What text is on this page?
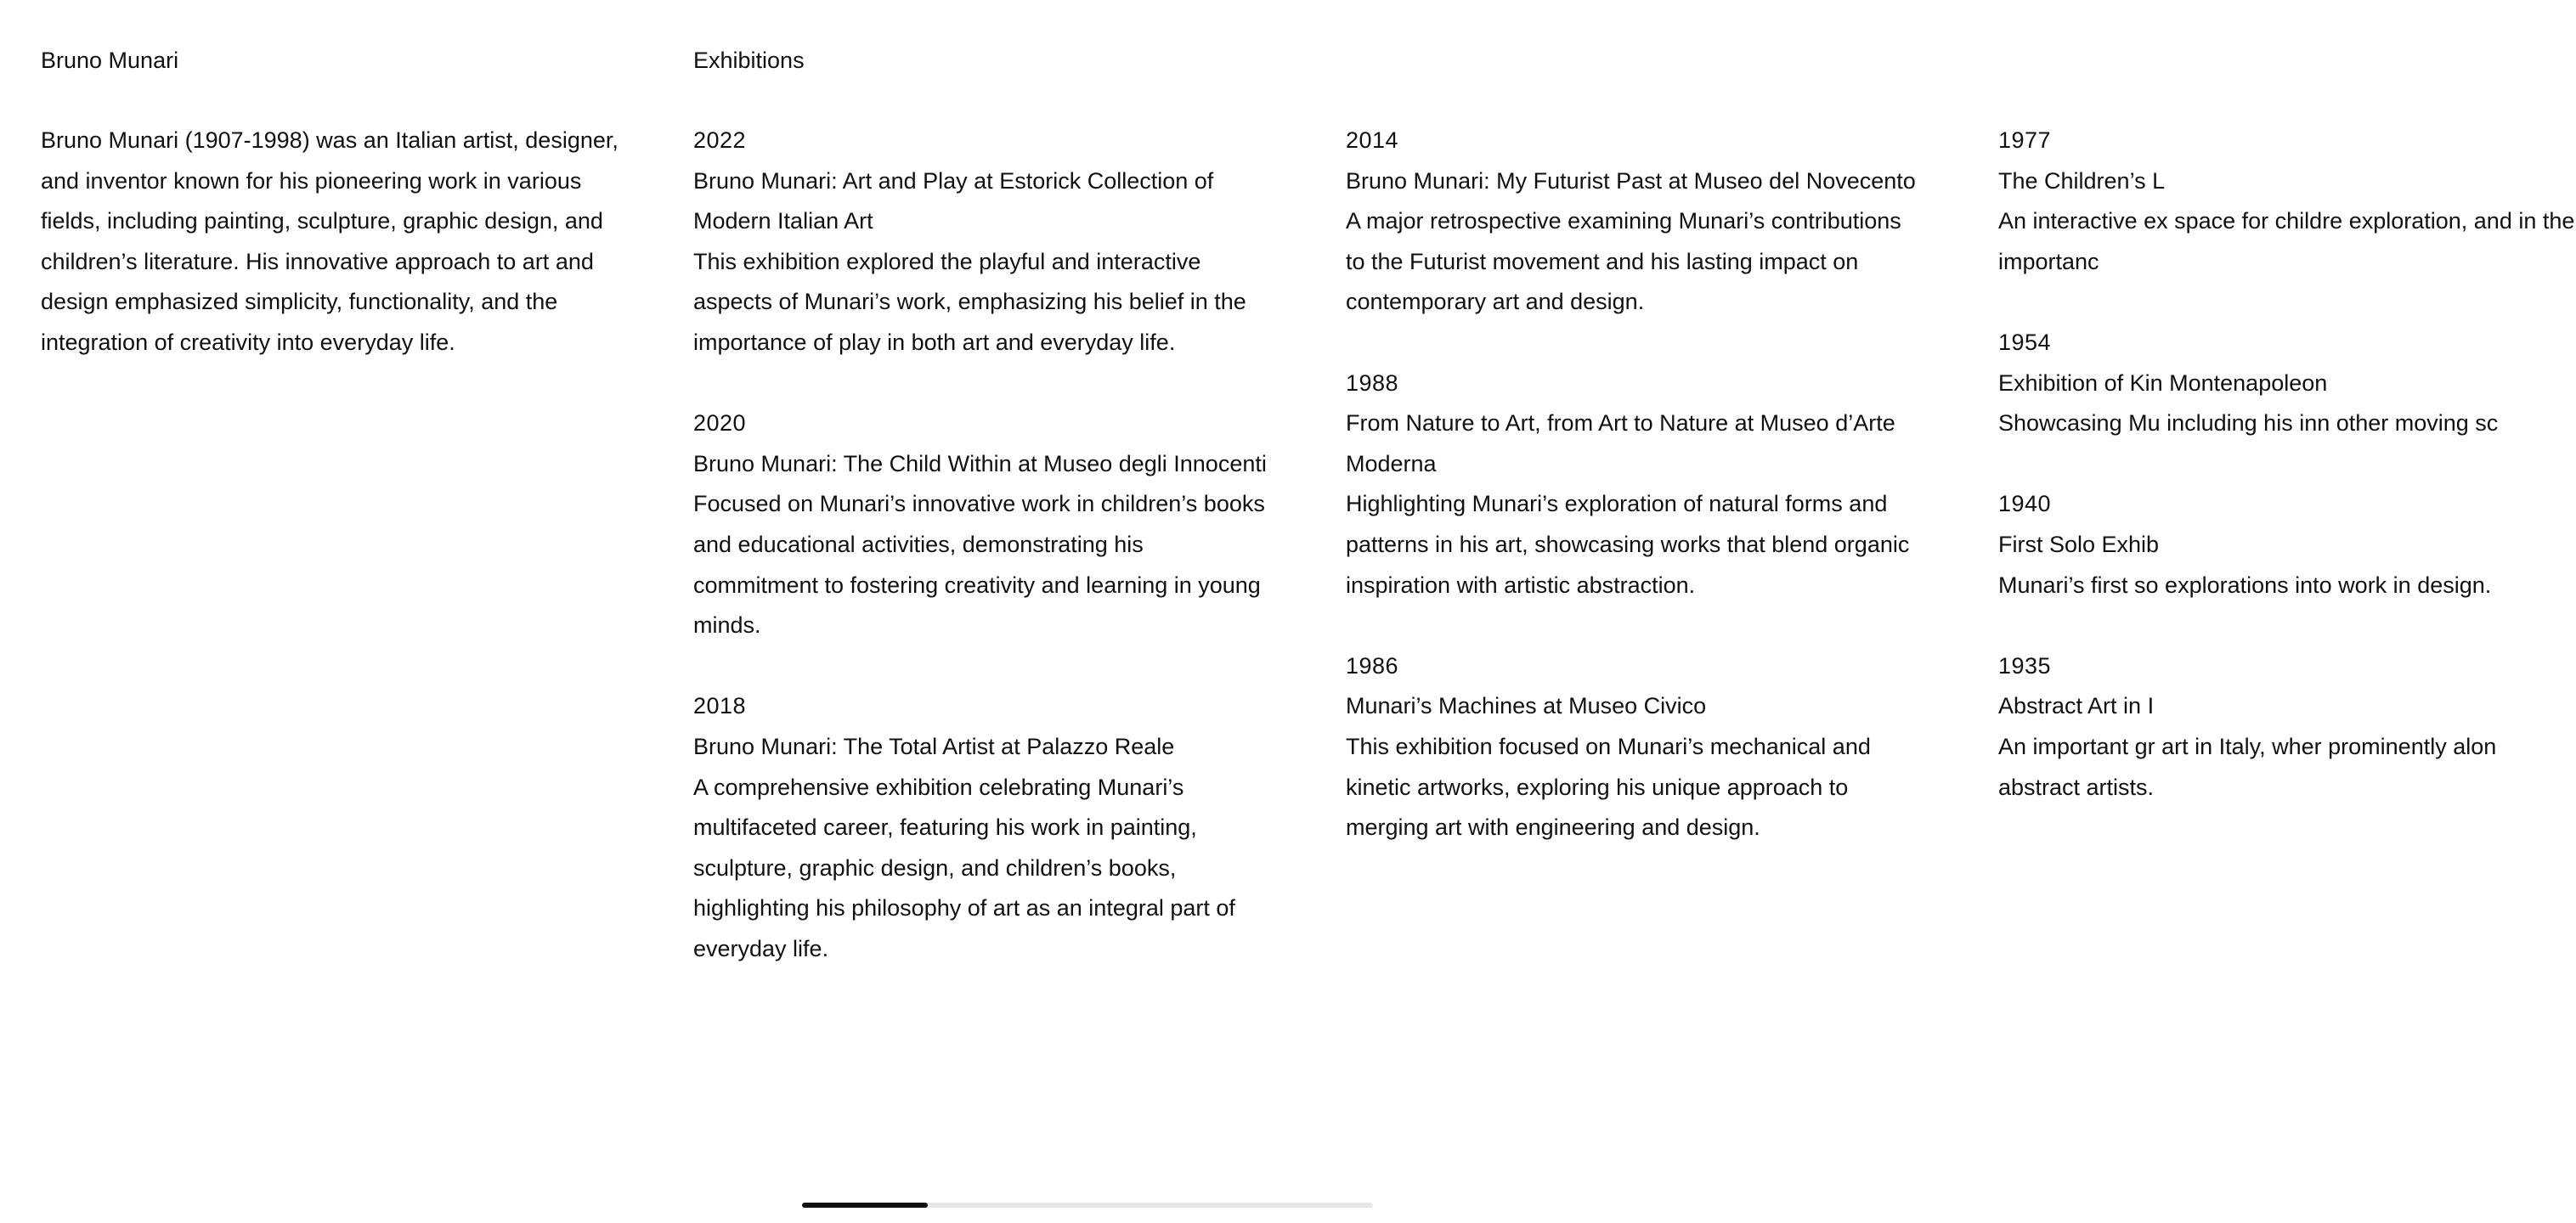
Bruno Munari

Bruno Munari (1907-1998) was an Italian artist, designer, and inventor known for his pioneering work in various fields, including painting, sculpture, graphic design, and children’s literature. His innovative approach to art and design emphasized simplicity, functionality, and the integration of creativity into everyday life.

Exhibitions
2022
Bruno Munari: Art and Play at Estorick Collection of Modern Italian Art
This exhibition explored the playful and interactive aspects of Munari’s work, emphasizing his belief in the importance of play in both art and everyday life.
2020
Bruno Munari: The Child Within at Museo degli Innocenti
Focused on Munari’s innovative work in children’s books and educational activities, demonstrating his commitment to fostering creativity and learning in young minds.
2018
Bruno Munari: The Total Artist at Palazzo Reale
A comprehensive exhibition celebrating Munari’s multifaceted career, featuring his work in painting, sculpture, graphic design, and children’s books, highlighting his philosophy of art as an integral part of everyday life.
2014
Bruno Munari: My Futurist Past at Museo del Novecento
A major retrospective examining Munari’s contributions to the Futurist movement and his lasting impact on contemporary art and design.
1988
From Nature to Art, from Art to Nature at Museo d’Arte Moderna
Highlighting Munari’s exploration of natural forms and patterns in his art, showcasing works that blend organic inspiration with artistic abstraction.
1986
Munari’s Machines at Museo Civico
This exhibition focused on Munari’s mechanical and kinetic artworks, exploring his unique approach to merging art with engineering and design.
1977
The Children’s L
An interactive ex space for childre exploration, and in the importanc
1954
Exhibition of Kin Montenapoleon
Showcasing Mu including his inn other moving sc
1940
First Solo Exhib
Munari’s first so explorations into work in design.
1935
Abstract Art in I
An important gr art in Italy, wher prominently alon abstract artists.
